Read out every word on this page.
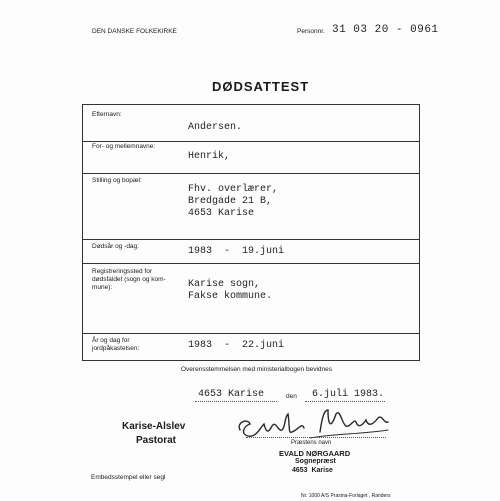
DEN DANSKE FOLKEKIRKE	Personnr. 31 03 20 - 0961
DØDSATTEST
Efternavn:
Andersen.
For- og mellemnavne:
Henrik,
Stilling og bopæl:
Fhv. overlærer,
Bredgade 21 B,
4653 Karise
Dødsår og -dag:	1983  -  19.juni
Registreringssted for
dødsfaldet (sogn og kom-
mune):	Karise sogn,
Fakse kommune.
År og dag for
jordpåkastelsen:	1983  -  22.juni
Overensstemmelsen med ministerialbogen bevidnes
4653 Karise	den 6.juli 1983.
Karise-Alslev
Pastorat
Embedsstempel eller segl
Præstens navn
EVALD NØRGAARD
Sognepræst
4653  Karise
Nr. 1000 A/S Prasina-Forlaget , Randers
